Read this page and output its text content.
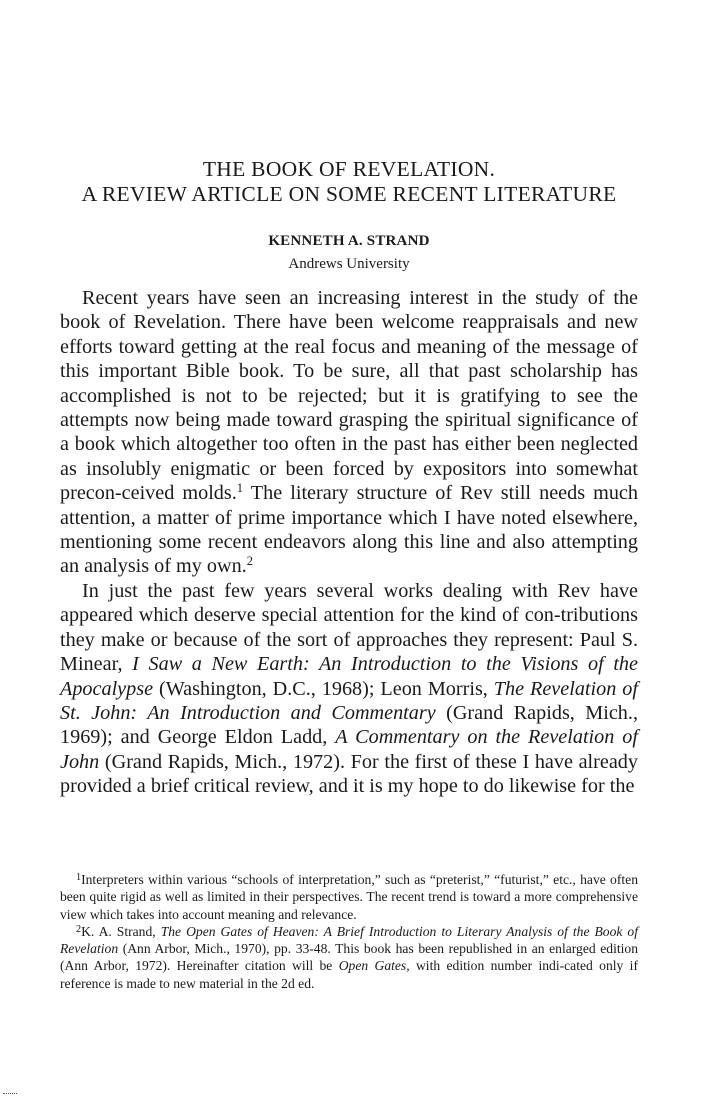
THE BOOK OF REVELATION.
A REVIEW ARTICLE ON SOME RECENT LITERATURE
KENNETH A. STRAND
Andrews University

Recent years have seen an increasing interest in the study of the book of Revelation. There have been welcome reappraisals and new efforts toward getting at the real focus and meaning of the message of this important Bible book. To be sure, all that past scholarship has accomplished is not to be rejected; but it is gratifying to see the attempts now being made toward grasping the spiritual significance of a book which altogether too often in the past has either been neglected as insolubly enigmatic or been forced by expositors into somewhat precon-ceived molds.$^1$ The literary structure of Rev still needs much attention, a matter of prime importance which I have noted elsewhere, mentioning some recent endeavors along this line and also attempting an analysis of my own.$^2$

In just the past few years several works dealing with Rev have appeared which deserve special attention for the kind of con-tributions they make or because of the sort of approaches they represent: Paul S. Minear, I Saw a New Earth: An Introduction to the Visions of the Apocalypse (Washington, D.C., 1968); Leon Morris, The Revelation of St. John: An Introduction and Commentary (Grand Rapids, Mich., 1969); and George Eldon Ladd, A Commentary on the Revelation of John (Grand Rapids, Mich., 1972). For the first of these I have already provided a brief critical review, and it is my hope to do likewise for the

$^1$Interpreters within various “schools of interpretation,” such as “preterist,” “futurist,” etc., have often been quite rigid as well as limited in their perspectives. The recent trend is toward a more comprehensive view which takes into account meaning and relevance.

$^2$K. A. Strand, The Open Gates of Heaven: A Brief Introduction to Literary Analysis of the Book of Revelation (Ann Arbor, Mich., 1970), pp. 33-48. This book has been republished in an enlarged edition (Ann Arbor, 1972). Hereinafter citation will be Open Gates, with edition number indi-cated only if reference is made to new material in the 2d ed.
